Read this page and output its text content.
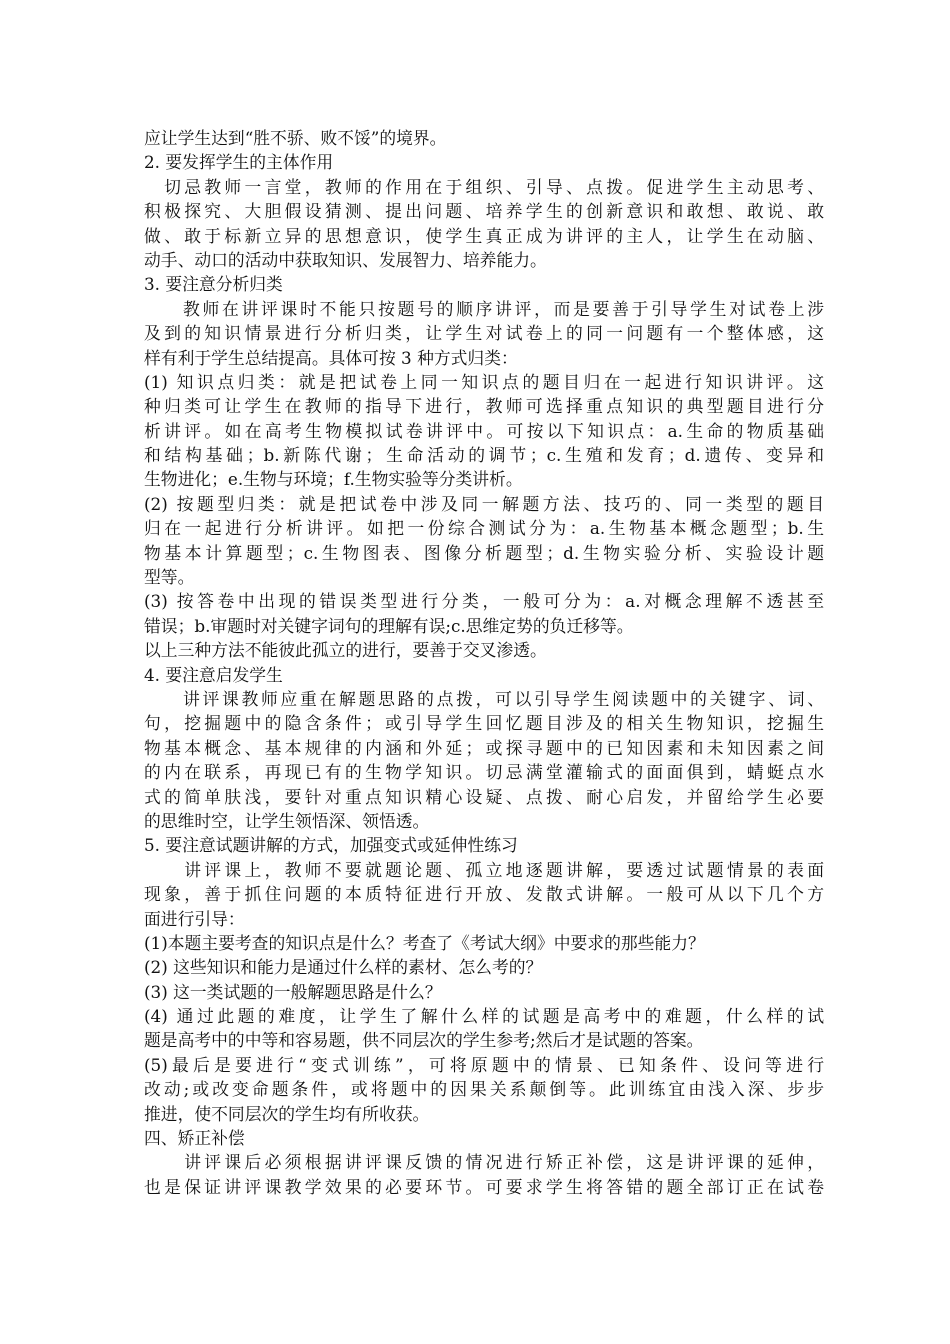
应让学生达到“胜不骄、败不馁”的境界。
2. 要发挥学生的主体作用
　切忌教师一言堂，教师的作用在于组织、引导、点拨。促进学生主动思考、
积极探究、大胆假设猜测、提出问题、培养学生的创新意识和敢想、敢说、敢
做、敢于标新立异的思想意识，使学生真正成为讲评的主人，让学生在动脑、
动手、动口的活动中获取知识、发展智力、培养能力。
3. 要注意分析归类
　　教师在讲评课时不能只按题号的顺序讲评，而是要善于引导学生对试卷上涉
及到的知识情景进行分析归类，让学生对试卷上的同一问题有一个整体感，这
样有利于学生总结提高。具体可按 3 种方式归类：
(1) 知识点归类：就是把试卷上同一知识点的题目归在一起进行知识讲评。这
种归类可让学生在教师的指导下进行，教师可选择重点知识的典型题目进行分
析讲评。如在高考生物模拟试卷讲评中。可按以下知识点：a.生命的物质基础
和结构基础；b.新陈代谢；生命活动的调节；c.生殖和发育；d.遗传、变异和
生物进化；e.生物与环境；f.生物实验等分类讲析。
(2) 按题型归类：就是把试卷中涉及同一解题方法、技巧的、同一类型的题目
归在一起进行分析讲评。如把一份综合测试分为：a.生物基本概念题型；b.生
物基本计算题型；c.生物图表、图像分析题型；d.生物实验分析、实验设计题
型等。
(3) 按答卷中出现的错误类型进行分类，一般可分为：a.对概念理解不透甚至
错误；b.审题时对关键字词句的理解有误;c.思维定势的负迁移等。
以上三种方法不能彼此孤立的进行，要善于交叉渗透。
4. 要注意启发学生
　　讲评课教师应重在解题思路的点拨，可以引导学生阅读题中的关键字、词、
句，挖掘题中的隐含条件；或引导学生回忆题目涉及的相关生物知识，挖掘生
物基本概念、基本规律的内涵和外延；或探寻题中的已知因素和未知因素之间
的内在联系，再现已有的生物学知识。切忌满堂灌输式的面面俱到，蜻蜓点水
式的简单肤浅，要针对重点知识精心设疑、点拨、耐心启发，并留给学生必要
的思维时空，让学生领悟深、领悟透。
5. 要注意试题讲解的方式，加强变式或延伸性练习
　　讲评课上，教师不要就题论题、孤立地逐题讲解，要透过试题情景的表面
现象，善于抓住问题的本质特征进行开放、发散式讲解。一般可从以下几个方
面进行引导：
(1)本题主要考查的知识点是什么？考查了《考试大纲》中要求的那些能力？
(2) 这些知识和能力是通过什么样的素材、怎么考的？
(3) 这一类试题的一般解题思路是什么？
(4) 通过此题的难度，让学生了解什么样的试题是高考中的难题，什么样的试
题是高考中的中等和容易题，供不同层次的学生参考;然后才是试题的答案。
(5)最后是要进行“变式训练”，可将原题中的情景、已知条件、设问等进行
改动;或改变命题条件，或将题中的因果关系颠倒等。此训练宜由浅入深、步步
推进，使不同层次的学生均有所收获。
四、矫正补偿
　　讲评课后必须根据讲评课反馈的情况进行矫正补偿，这是讲评课的延伸，
也是保证讲评课教学效果的必要环节。可要求学生将答错的题全部订正在试卷
